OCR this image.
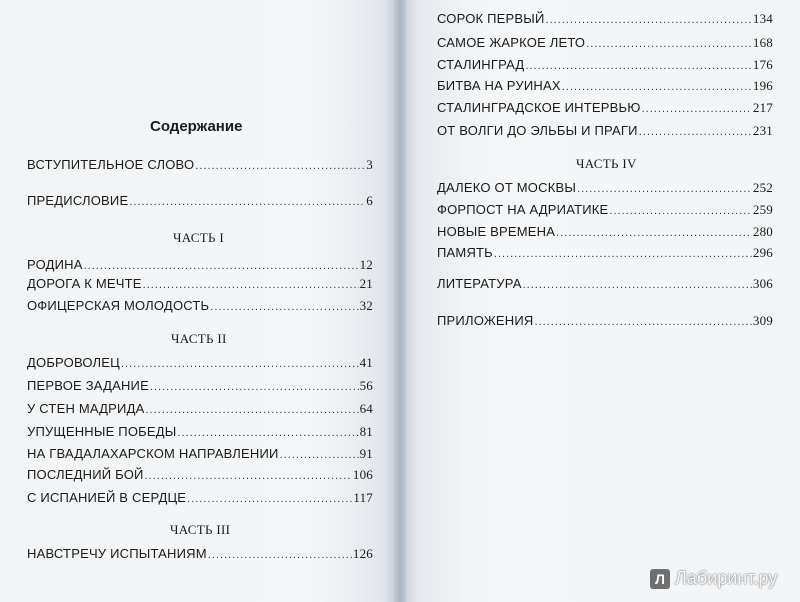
Содержание
ВСТУПИТЕЛЬНОЕ СЛОВО .....	3
ПРЕДИСЛОВИЕ .....	6
ЧАСТЬ I
РОДИНА .....	12
ДОРОГА К МЕЧТЕ .....	21
ОФИЦЕРСКАЯ МОЛОДОСТЬ .....	32
ЧАСТЬ II
ДОБРОВОЛЕЦ .....	41
ПЕРВОЕ ЗАДАНИЕ .....	56
У СТЕН МАДРИДА .....	64
УПУЩЕННЫЕ ПОБЕДЫ .....	81
НА ГВАДАЛАХАРСКОМ НАПРАВЛЕНИИ .....	91
ПОСЛЕДНИЙ БОЙ .....	106
С ИСПАНИЕЙ В СЕРДЦЕ .....	117
ЧАСТЬ III
НАВСТРЕЧУ ИСПЫТАНИЯМ .....	126
СОРОК ПЕРВЫЙ .....	134
САМОЕ ЖАРКОЕ ЛЕТО .....	168
СТАЛИНГРАД .....	176
БИТВА НА РУИНАХ .....	196
СТАЛИНГРАДСКОЕ ИНТЕРВЬЮ .....	217
ОТ ВОЛГИ ДО ЭЛЬБЫ И ПРАГИ .....	231
ЧАСТЬ IV
ДАЛЕКО ОТ МОСКВЫ .....	252
ФОРПОСТ НА АДРИАТИКЕ .....	259
НОВЫЕ ВРЕМЕНА .....	280
ПАМЯТЬ .....	296
ЛИТЕРАТУРА .....	306
ПРИЛОЖЕНИЯ .....	309
Л Лабиринт.ру
